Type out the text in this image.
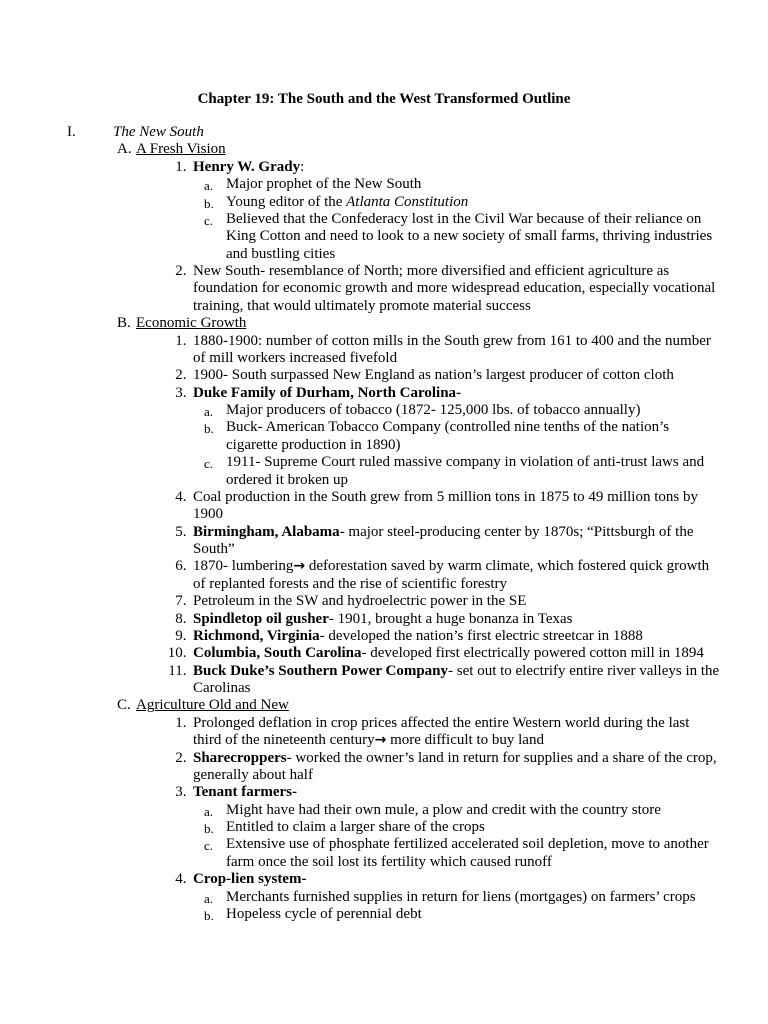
Chapter 19: The South and the West Transformed Outline
I. The New South
A. A Fresh Vision
1. Henry W. Grady:
a. Major prophet of the New South
b. Young editor of the Atlanta Constitution
c. Believed that the Confederacy lost in the Civil War because of their reliance on
King Cotton and need to look to a new society of small farms, thriving industries
and bustling cities
2. New South- resemblance of North; more diversified and efficient agriculture as
foundation for economic growth and more widespread education, especially vocational
training, that would ultimately promote material success
B. Economic Growth
1. 1880-1900: number of cotton mills in the South grew from 161 to 400 and the number
of mill workers increased fivefold
2. 1900- South surpassed New England as nation’s largest producer of cotton cloth
3. Duke Family of Durham, North Carolina-
a. Major producers of tobacco (1872- 125,000 lbs. of tobacco annually)
b. Buck- American Tobacco Company (controlled nine tenths of the nation’s
cigarette production in 1890)
c. 1911- Supreme Court ruled massive company in violation of anti-trust laws and
ordered it broken up
4. Coal production in the South grew from 5 million tons in 1875 to 49 million tons by
1900
5. Birmingham, Alabama- major steel-producing center by 1870s; “Pittsburgh of the
South”
6. 1870- lumbering→ deforestation saved by warm climate, which fostered quick growth
of replanted forests and the rise of scientific forestry
7. Petroleum in the SW and hydroelectric power in the SE
8. Spindletop oil gusher- 1901, brought a huge bonanza in Texas
9. Richmond, Virginia- developed the nation’s first electric streetcar in 1888
10. Columbia, South Carolina- developed first electrically powered cotton mill in 1894
11. Buck Duke’s Southern Power Company- set out to electrify entire river valleys in the
Carolinas
C. Agriculture Old and New
1. Prolonged deflation in crop prices affected the entire Western world during the last
third of the nineteenth century→ more difficult to buy land
2. Sharecroppers- worked the owner’s land in return for supplies and a share of the crop,
generally about half
3. Tenant farmers-
a. Might have had their own mule, a plow and credit with the country store
b. Entitled to claim a larger share of the crops
c. Extensive use of phosphate fertilized accelerated soil depletion, move to another
farm once the soil lost its fertility which caused runoff
4. Crop-lien system-
a. Merchants furnished supplies in return for liens (mortgages) on farmers’ crops
b. Hopeless cycle of perennial debt
